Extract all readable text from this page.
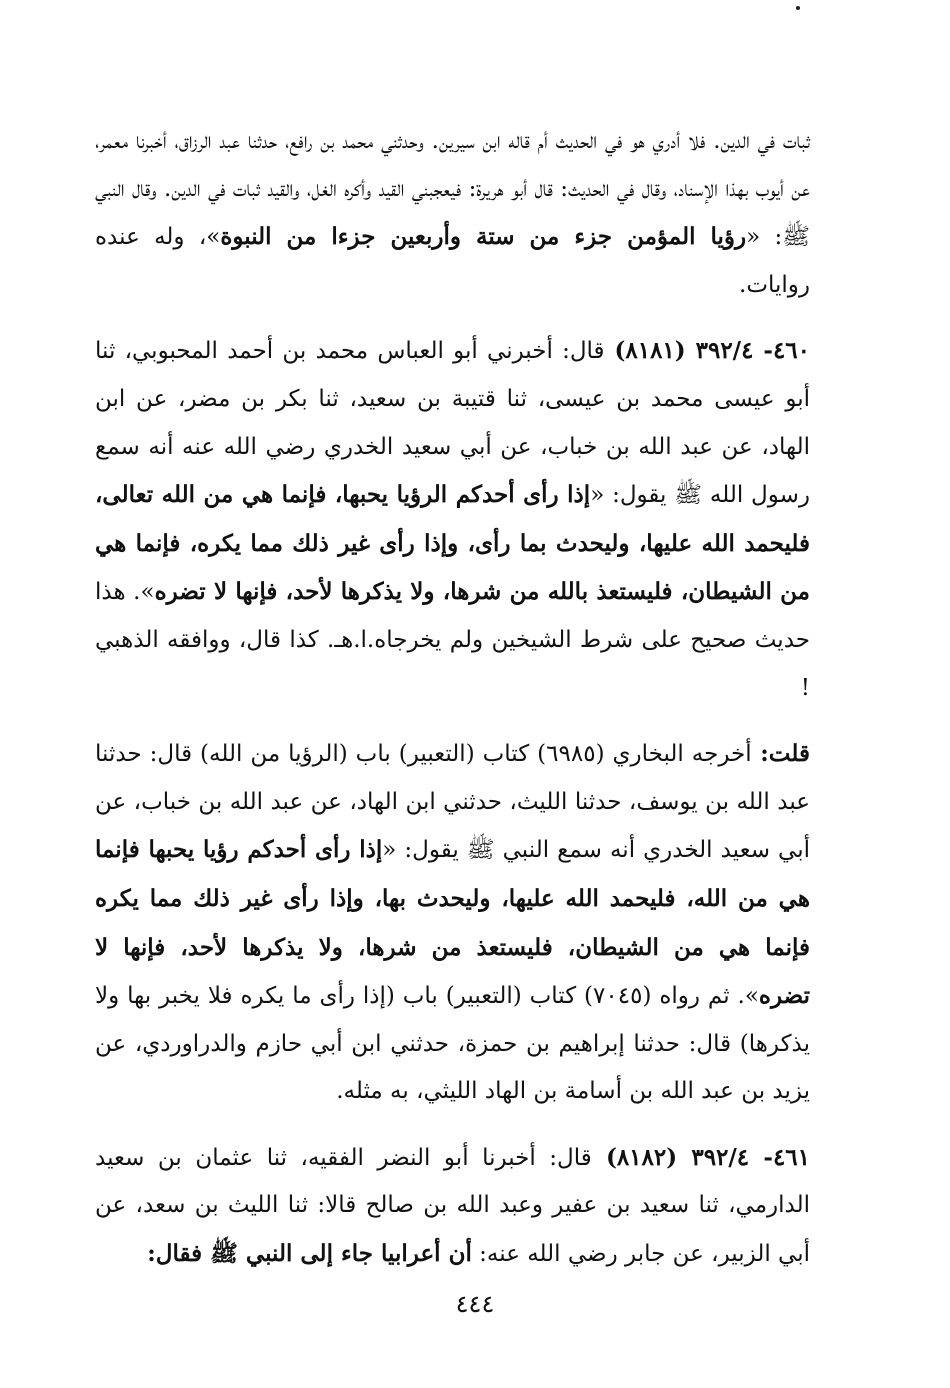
ثبات في الدين. فلا أدري هو في الحديث أم قاله ابن سيرين. وحدثني محمد بن رافع، حدثنا عبد الرزاق، أخبرنا معمر، عن أيوب بهذا الإسناد، وقال في الحديث: قال أبو هريرة: فيعجبني القيد وأكره الغل، والقيد ثبات في الدين. وقال النبي ﷺ: «رؤيا المؤمن جزء من ستة وأربعين جزءا من النبوة»، وله عنده روايات.

٤٦٠- ٣٩٢/٤ (٨١٨١) قال: أخبرني أبو العباس محمد بن أحمد المحبوبي، ثنا أبو عيسى محمد بن عيسى، ثنا قتيبة بن سعيد، ثنا بكر بن مضر، عن ابن الهاد، عن عبد الله بن خباب، عن أبي سعيد الخدري رضي الله عنه أنه سمع رسول الله ﷺ يقول: «إذا رأى أحدكم الرؤيا يحبها، فإنما هي من الله تعالى، فليحمد الله عليها، وليحدث بما رأى، وإذا رأى غير ذلك مما يكره، فإنما هي من الشيطان، فليستعذ بالله من شرها، ولا يذكرها لأحد، فإنها لا تضره». هذا حديث صحيح على شرط الشيخين ولم يخرجاه.ا.هـ. كذا قال، ووافقه الذهبي !

قلت: أخرجه البخاري (٦٩٨٥) كتاب (التعبير) باب (الرؤيا من الله) قال: حدثنا عبد الله بن يوسف، حدثنا الليث، حدثني ابن الهاد، عن عبد الله بن خباب، عن أبي سعيد الخدري أنه سمع النبي ﷺ يقول: «إذا رأى أحدكم رؤيا يحبها فإنما هي من الله، فليحمد الله عليها، وليحدث بها، وإذا رأى غير ذلك مما يكره فإنما هي من الشيطان، فليستعذ من شرها، ولا يذكرها لأحد، فإنها لا تضره». ثم رواه (٧٠٤٥) كتاب (التعبير) باب (إذا رأى ما يكره فلا يخبر بها ولا يذكرها) قال: حدثنا إبراهيم بن حمزة، حدثني ابن أبي حازم والدراوردي، عن يزيد بن عبد الله بن أسامة بن الهاد الليثي، به مثله.

٤٦١- ٣٩٢/٤ (٨١٨٢) قال: أخبرنا أبو النضر الفقيه، ثنا عثمان بن سعيد الدارمي، ثنا سعيد بن عفير وعبد الله بن صالح قالا: ثنا الليث بن سعد، عن أبي الزبير، عن جابر رضي الله عنه: أن أعرابيا جاء إلى النبي ﷺ فقال:

٤٤٤
